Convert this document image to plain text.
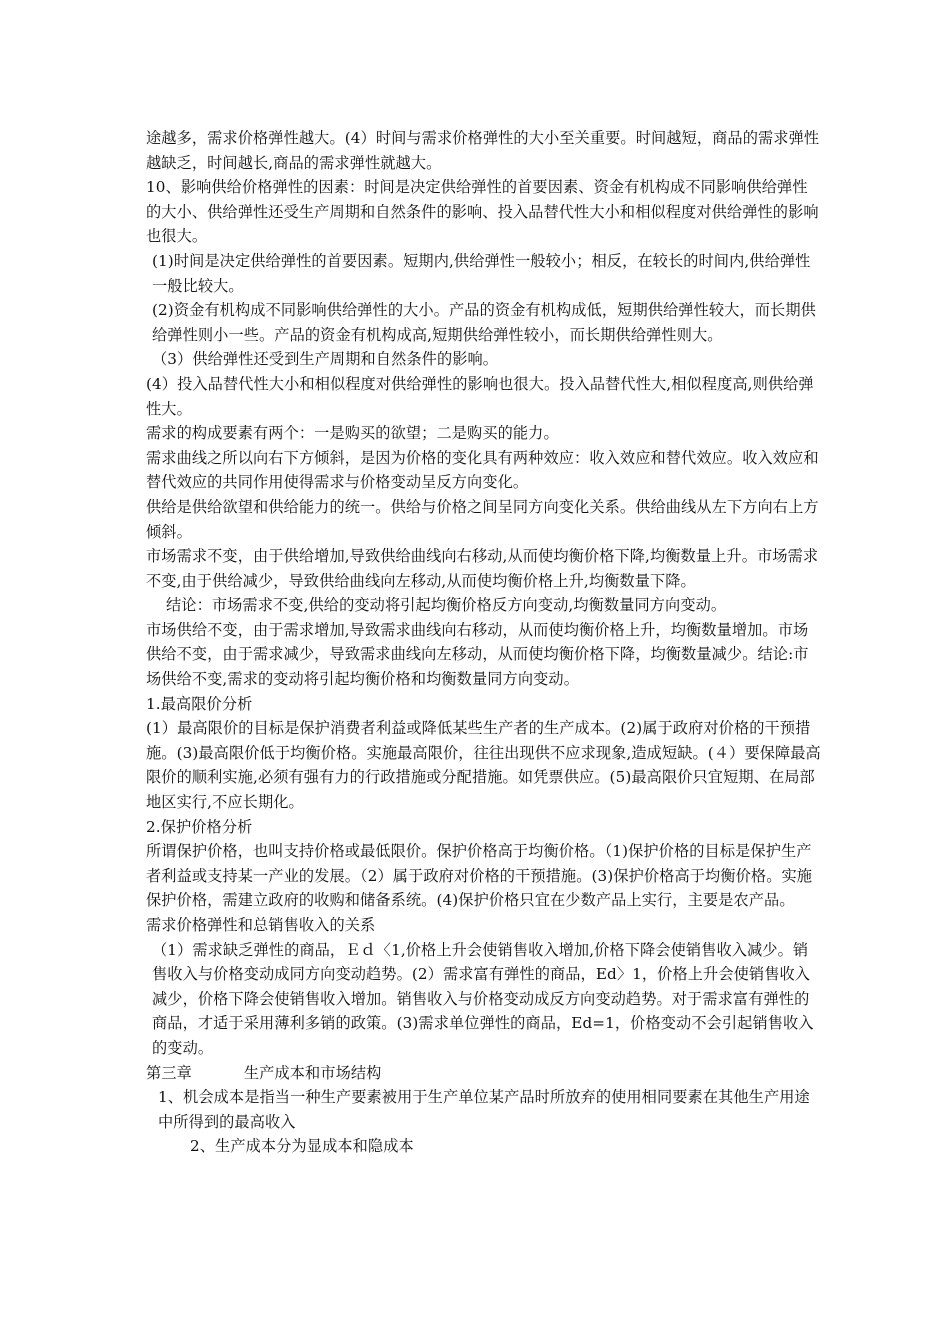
途越多，需求价格弹性越大。(4）时间与需求价格弹性的大小至关重要。时间越短，商品的需求弹性越缺乏，时间越长,商品的需求弹性就越大。

10、影响供给价格弹性的因素：时间是决定供给弹性的首要因素、资金有机构成不同影响供给弹性的大小、供给弹性还受生产周期和自然条件的影响、投入品替代性大小和相似程度对供给弹性的影响也很大。

(1)时间是决定供给弹性的首要因素。短期内,供给弹性一般较小；相反，在较长的时间内,供给弹性一般比较大。

(2)资金有机构成不同影响供给弹性的大小。产品的资金有机构成低，短期供给弹性较大，而长期供给弹性则小一些。产品的资金有机构成高,短期供给弹性较小，而长期供给弹性则大。

（3）供给弹性还受到生产周期和自然条件的影响。

(4）投入品替代性大小和相似程度对供给弹性的影响也很大。投入品替代性大,相似程度高,则供给弹性大。

需求的构成要素有两个：一是购买的欲望；二是购买的能力。

需求曲线之所以向右下方倾斜，是因为价格的变化具有两种效应：收入效应和替代效应。收入效应和替代效应的共同作用使得需求与价格变动呈反方向变化。

供给是供给欲望和供给能力的统一。供给与价格之间呈同方向变化关系。供给曲线从左下方向右上方倾斜。

市场需求不变，由于供给增加,导致供给曲线向右移动,从而使均衡价格下降,均衡数量上升。市场需求不变,由于供给减少，导致供给曲线向左移动,从而使均衡价格上升,均衡数量下降。

结论：市场需求不变,供给的变动将引起均衡价格反方向变动,均衡数量同方向变动。

市场供给不变，由于需求增加,导致需求曲线向右移动，从而使均衡价格上升，均衡数量增加。市场供给不变，由于需求减少，导致需求曲线向左移动，从而使均衡价格下降，均衡数量减少。结论:市场供给不变,需求的变动将引起均衡价格和均衡数量同方向变动。

1.最高限价分析

(1）最高限价的目标是保护消费者利益或降低某些生产者的生产成本。(2)属于政府对价格的干预措施。(3)最高限价低于均衡价格。实施最高限价，往往出现供不应求现象,造成短缺。(４）要保障最高限价的顺利实施,必须有强有力的行政措施或分配措施。如凭票供应。(5)最高限价只宜短期、在局部地区实行,不应长期化。

2.保护价格分析

所谓保护价格，也叫支持价格或最低限价。保护价格高于均衡价格。（1)保护价格的目标是保护生产者利益或支持某一产业的发展。（2）属于政府对价格的干预措施。(3)保护价格高于均衡价格。实施保护价格，需建立政府的收购和储备系统。(4)保护价格只宜在少数产品上实行，主要是农产品。

需求价格弹性和总销售收入的关系

（1）需求缺乏弹性的商品，Ｅｄ〈1,价格上升会使销售收入增加,价格下降会使销售收入减少。销售收入与价格变动成同方向变动趋势。(2）需求富有弹性的商品，Ed〉1，价格上升会使销售收入减少，价格下降会使销售收入增加。销售收入与价格变动成反方向变动趋势。对于需求富有弹性的商品，才适于采用薄利多销的政策。(3)需求单位弹性的商品，Ed=1，价格变动不会引起销售收入的变动。

第三章	生产成本和市场结构

1、机会成本是指当一种生产要素被用于生产单位某产品时所放弃的使用相同要素在其他生产用途中所得到的最高收入

2、生产成本分为显成本和隐成本
